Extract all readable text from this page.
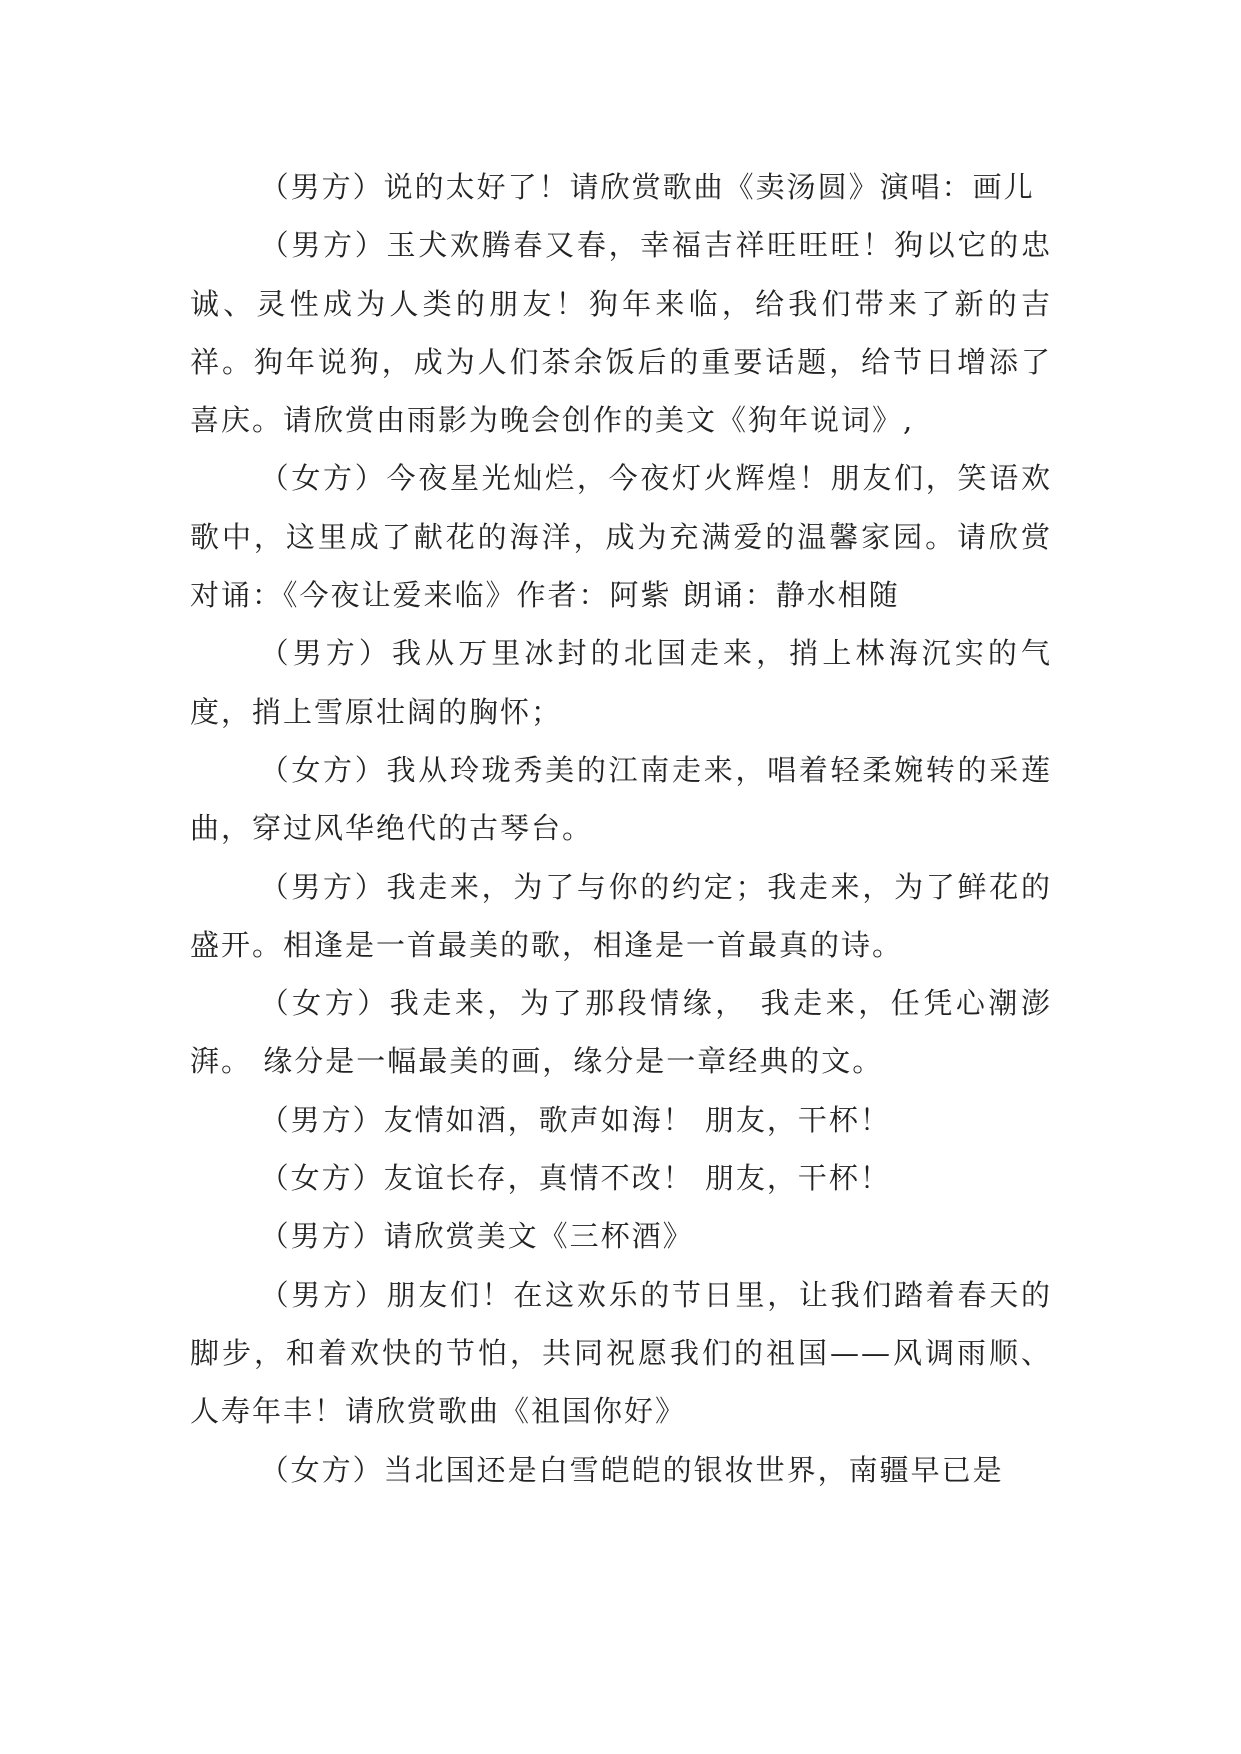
（男方）说的太好了！请欣赏歌曲《卖汤圆》演唱：画儿

（男方）玉犬欢腾春又春，幸福吉祥旺旺旺！狗以它的忠诚、灵性成为人类的朋友！狗年来临，给我们带来了新的吉祥。狗年说狗，成为人们茶余饭后的重要话题，给节日增添了喜庆。请欣赏由雨影为晚会创作的美文《狗年说词》,

（女方）今夜星光灿烂，今夜灯火辉煌！朋友们，笑语欢歌中，这里成了献花的海洋，成为充满爱的温馨家园。请欣赏对诵：《今夜让爱来临》作者：阿紫 朗诵：静水相随

（男方）我从万里冰封的北国走来，捎上林海沉实的气度，捎上雪原壮阔的胸怀；

（女方）我从玲珑秀美的江南走来，唱着轻柔婉转的采莲曲，穿过风华绝代的古琴台。

（男方）我走来，为了与你的约定；我走来，为了鲜花的盛开。相逢是一首最美的歌，相逢是一首最真的诗。

（女方）我走来，为了那段情缘， 我走来，任凭心潮澎湃。 缘分是一幅最美的画，缘分是一章经典的文。

（男方）友情如酒，歌声如海！ 朋友，干杯！

（女方）友谊长存，真情不改！ 朋友，干杯！

（男方）请欣赏美文《三杯酒》

（男方）朋友们！在这欢乐的节日里，让我们踏着春天的脚步，和着欢快的节怕，共同祝愿我们的祖国——风调雨顺、人寿年丰！请欣赏歌曲《祖国你好》

（女方）当北国还是白雪皑皑的银妆世界，南疆早已是
